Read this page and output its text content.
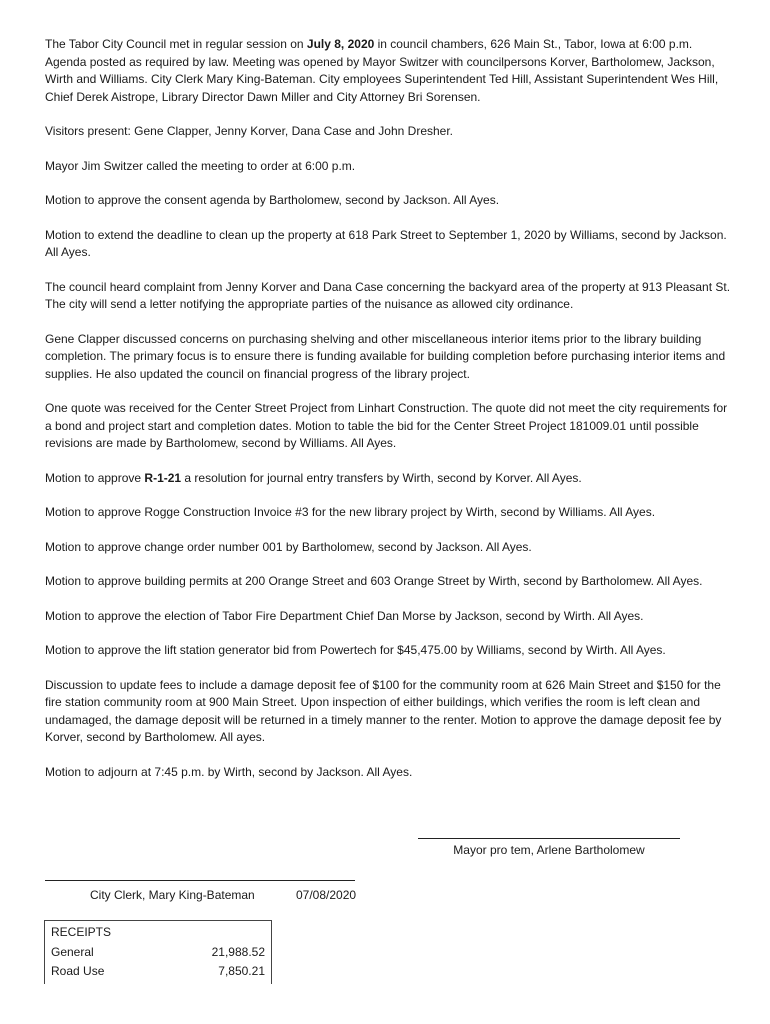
The Tabor City Council met in regular session on July 8, 2020 in council chambers, 626 Main St., Tabor, Iowa at 6:00 p.m. Agenda posted as required by law. Meeting was opened by Mayor Switzer with councilpersons Korver, Bartholomew, Jackson, Wirth and Williams. City Clerk Mary King-Bateman. City employees Superintendent Ted Hill, Assistant Superintendent Wes Hill, Chief Derek Aistrope, Library Director Dawn Miller and City Attorney Bri Sorensen.

Visitors present: Gene Clapper, Jenny Korver, Dana Case and John Dresher.

Mayor Jim Switzer called the meeting to order at 6:00 p.m.

Motion to approve the consent agenda by Bartholomew, second by Jackson. All Ayes.

Motion to extend the deadline to clean up the property at 618 Park Street to September 1, 2020 by Williams, second by Jackson. All Ayes.

The council heard complaint from Jenny Korver and Dana Case concerning the backyard area of the property at 913 Pleasant St. The city will send a letter notifying the appropriate parties of the nuisance as allowed city ordinance.

Gene Clapper discussed concerns on purchasing shelving and other miscellaneous interior items prior to the library building completion. The primary focus is to ensure there is funding available for building completion before purchasing interior items and supplies. He also updated the council on financial progress of the library project.

One quote was received for the Center Street Project from Linhart Construction. The quote did not meet the city requirements for a bond and project start and completion dates. Motion to table the bid for the Center Street Project 181009.01 until possible revisions are made by Bartholomew, second by Williams. All Ayes.

Motion to approve R-1-21 a resolution for journal entry transfers by Wirth, second by Korver. All Ayes.

Motion to approve Rogge Construction Invoice #3 for the new library project by Wirth, second by Williams. All Ayes.

Motion to approve change order number 001 by Bartholomew, second by Jackson. All Ayes.

Motion to approve building permits at 200 Orange Street and 603 Orange Street by Wirth, second by Bartholomew. All Ayes.

Motion to approve the election of Tabor Fire Department Chief Dan Morse by Jackson, second by Wirth. All Ayes.

Motion to approve the lift station generator bid from Powertech for $45,475.00 by Williams, second by Wirth. All Ayes.

Discussion to update fees to include a damage deposit fee of $100 for the community room at 626 Main Street and $150 for the fire station community room at 900 Main Street. Upon inspection of either buildings, which verifies the room is left clean and undamaged, the damage deposit will be returned in a timely manner to the renter. Motion to approve the damage deposit fee by Korver, second by Bartholomew. All ayes.

Motion to adjourn at 7:45 p.m. by Wirth, second by Jackson. All Ayes.

Mayor pro tem, Arlene Bartholomew
City Clerk, Mary King-Bateman	07/08/2020
RECEIPTS
General	21,988.52
Road Use	7,850.21
